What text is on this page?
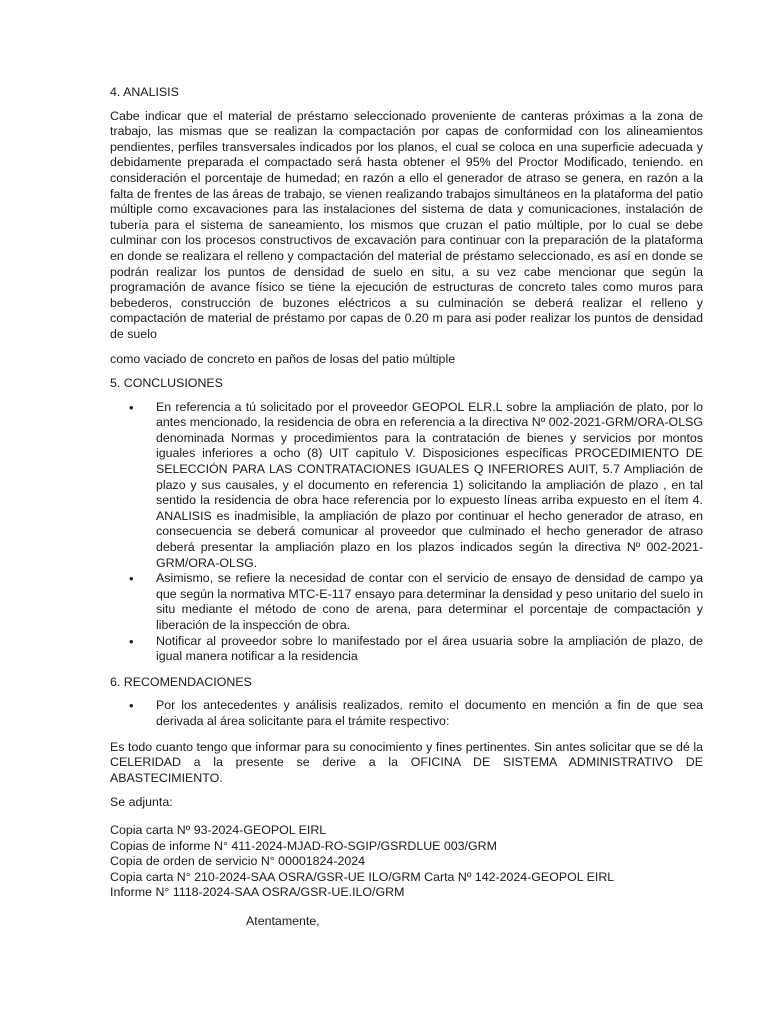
4. ANALISIS

Cabe indicar que el material de préstamo seleccionado proveniente de canteras próximas a la zona de trabajo, las mismas que se realizan la compactación por capas de conformidad con los alineamientos pendientes, perfiles transversales indicados por los planos, el cual se coloca en una superficie adecuada y debidamente preparada el compactado será hasta obtener el 95% del Proctor Modificado, teniendo. en consideración el porcentaje de humedad; en razón a ello el generador de atraso se genera, en razón a la falta de frentes de las áreas de trabajo, se vienen realizando trabajos simultáneos en la plataforma del patio múltiple como excavaciones para las instalaciones del sistema de data y comunicaciones, instalación de tubería para el sistema de saneamiento, los mismos que cruzan el patio múltiple, por lo cual se debe culminar con los procesos constructivos de excavación para continuar con la preparación de la plataforma en donde se realizara el relleno y compactación del material de préstamo seleccionado, es así en donde se podrán realizar los puntos de densidad de suelo en situ, a su vez cabe mencionar que según la programación de avance físico se tiene la ejecución de estructuras de concreto tales como muros para bebederos, construcción de buzones eléctricos a su culminación se deberá realizar el relleno y compactación de material de préstamo por capas de 0.20 m para asi poder realizar los puntos de densidad de suelo

como vaciado de concreto en paños de losas del patio múltiple

5. CONCLUSIONES

• En referencia a tú solicitado por el proveedor GEOPOL ELR.L sobre la ampliación de plato, por lo antes mencionado, la residencia de obra en referencia a la directiva Nº 002-2021-GRM/ORA-OLSG denominada Normas y procedimientos para la contratación de bienes y servicios por montos iguales inferiores a ocho (8) UIT capitulo V. Disposiciones específicas PROCEDIMIENTO DE SELECCIÓN PARA LAS CONTRATACIONES IGUALES Q INFERIORES AUIT, 5.7 Ampliación de plazo y sus causales, y el documento en referencia 1) solicitando la ampliación de plazo , en tal sentido la residencia de obra hace referencia por lo expuesto líneas arriba expuesto en el ítem 4. ANALISIS es inadmisible, la ampliación de plazo por continuar el hecho generador de atraso, en consecuencia se deberá comunicar al proveedor que culminado el hecho generador de atraso deberá presentar la ampliación plazo en los plazos indicados según la directiva Nº 002-2021-GRM/ORA-OLSG.
• Asimismo, se refiere la necesidad de contar con el servicio de ensayo de densidad de campo ya que según la normativa MTC-E-117 ensayo para determinar la densidad y peso unitario del suelo in situ mediante el método de cono de arena, para determinar el porcentaje de compactación y liberación de la inspección de obra.
• Notificar al proveedor sobre lo manifestado por el área usuaria sobre la ampliación de plazo, de igual manera notificar a la residencia

6. RECOMENDACIONES

• Por los antecedentes y análisis realizados, remito el documento en mención a fin de que sea derivada al área solicitante para el trámite respectivo:

Es todo cuanto tengo que informar para su conocimiento y fines pertinentes. Sin antes solicitar que se dé la CELERIDAD a la presente se derive a la OFICINA DE SISTEMA ADMINISTRATIVO DE ABASTECIMIENTO.

Se adjunta:

Copia carta Nº 93-2024-GEOPOL EIRL
Copias de informe N° 411-2024-MJAD-RO-SGIP/GSRDLUE 003/GRM
Copia de orden de servicio N° 00001824-2024
Copia carta N° 210-2024-SAA OSRA/GSR-UE ILO/GRM Carta Nº 142-2024-GEOPOL EIRL
Informe N° 1118-2024-SAA OSRA/GSR-UE.ILO/GRM
Atentamente,
